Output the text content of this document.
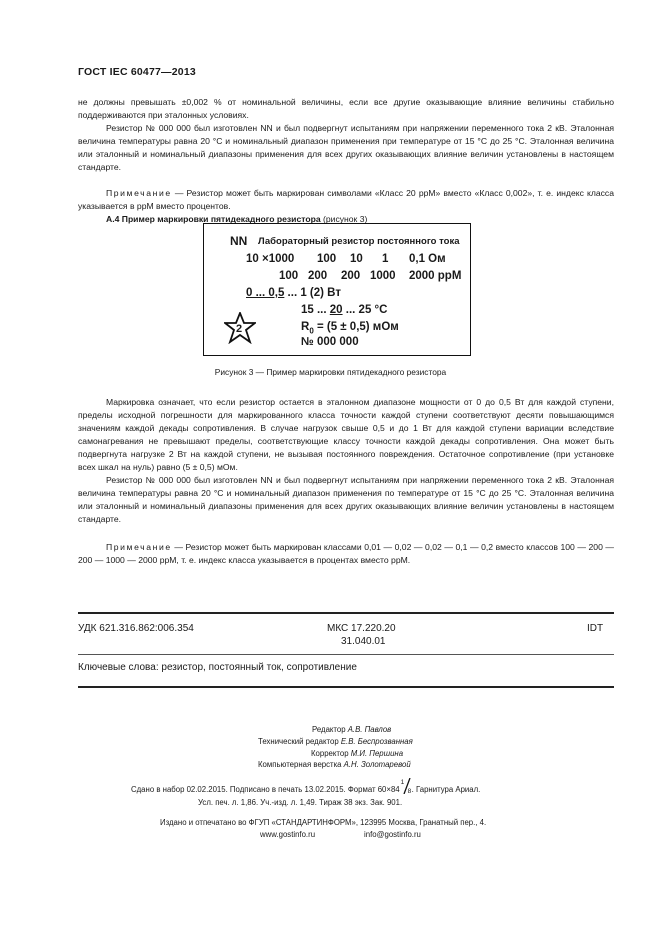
ГОСТ IEC 60477—2013

не должны превышать ±0,002 % от номинальной величины, если все другие оказывающие влияние величины стабильно поддерживаются при эталонных условиях.

Резистор № 000 000 был изготовлен NN и был подвергнут испытаниям при напряжении переменного тока 2 кВ. Эталонная величина температуры равна 20 °C и номинальный диапазон применения при температуре от 15 °C до 25 °C. Эталонная величина или эталонный и номинальный диапазоны применения для всех других оказывающих влияние величин установлены в настоящем стандарте.

Примечание — Резистор может быть маркирован символами «Класс 20 ppM» вместо «Класс 0,002», т. е. индекс класса указывается в ppM вместо процентов.

А.4 Пример маркировки пятидекадного резистора (рисунок 3)

NN Лабораторный резистор постоянного тока
10 ×1000 100 10 1 0,1 Ом
100 200 200 1000 2000 ppM
0 ... 0,5 ... 1 (2) Вт
15 ... 20 ... 25 °C
$R_0 = (5 \pm 0,5)$ мОм
№ 000 000
2
Рисунок 3 — Пример маркировки пятидекадного резистора

Маркировка означает, что если резистор остается в эталонном диапазоне мощности от 0 до 0,5 Вт для каждой ступени, пределы исходной погрешности для маркированного класса точности каждой ступени соответствуют десяти повышающимся значениям каждой декады сопротивления. В случае нагрузок свыше 0,5 и до 1 Вт для каждой ступени вариации вследствие самонагревания не превышают пределы, соответствующие классу точности каждой декады сопротивления. Она может быть подвергнута нагрузке 2 Вт на каждой ступени, не вызывая постоянного повреждения. Остаточное сопротивление (при установке всех шкал на нуль) равно (5 ± 0,5) мОм.

Резистор № 000 000 был изготовлен NN и был подвергнут испытаниям при напряжении переменного тока 2 кВ. Эталонная величина температуры равна 20 °C и номинальный диапазон применения по температуре от 15 °C до 25 °C. Эталонная величина или эталонный и номинальный диапазоны применения для всех других оказывающих влияние величин установлены в настоящем стандарте.

Примечание — Резистор может быть маркирован классами 0,01 — 0,02 — 0,02 — 0,1 — 0,2 вместо классов 100 — 200 — 200 — 1000 — 2000 ppM, т. е. индекс класса указывается в процентах вместо ppM.

УДК 621.316.862:006.354	МКС 17.220.20
31.040.01
IDT
Ключевые слова: резистор, постоянный ток, сопротивление
Редактор А.В. Павлов
Технический редактор Е.В. Беспрозванная
Корректор М.И. Першина
Компьютерная верстка А.Н. Золотаревой
Сдано в набор 02.02.2015. Подписано в печать 13.02.2015. Формат 60×84
1
8 . Гарнитура Ариал.
Усл. печ. л. 1,86. Уч.-изд. л. 1,49. Тираж 38 экз. Зак. 901.
Издано и отпечатано во ФГУП «СТАНДАРТИНФОРМ», 123995 Москва, Гранатный пер., 4.
www.gostinfo.ru	info@gostinfo.ru
